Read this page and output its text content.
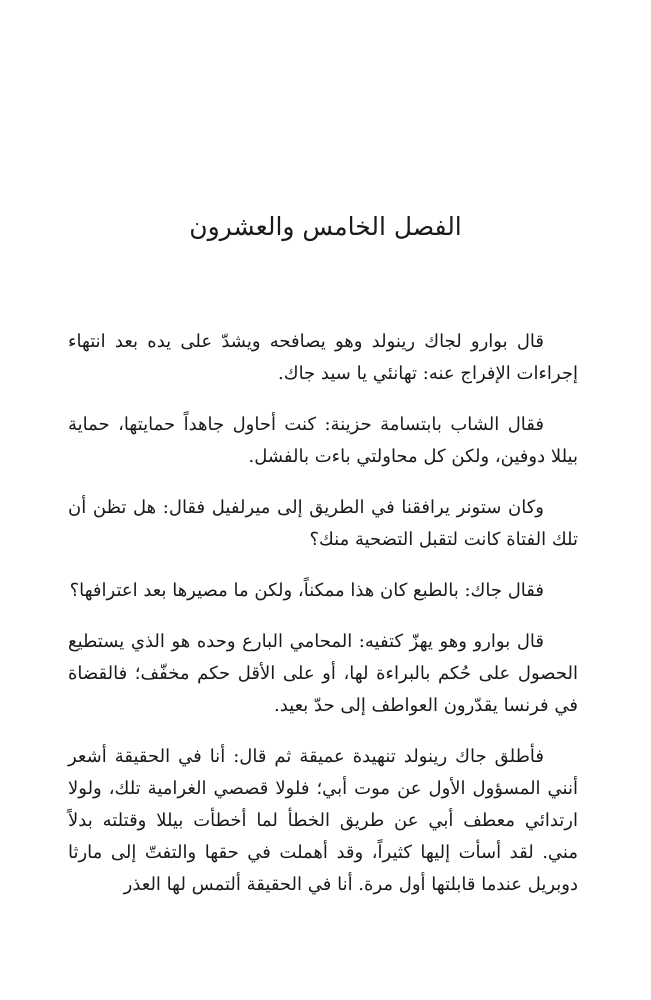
الفصل الخامس والعشرون

قال بوارو لجاك رينولد وهو يصافحه ويشدّ على يده بعد انتهاء إجراءات الإفراج عنه: تهانئي يا سيد جاك.

فقال الشاب بابتسامة حزينة: كنت أحاول جاهداً حمايتها، حماية بيللا دوفين، ولكن كل محاولتي باءت بالفشل.

وكان ستونر يرافقنا في الطريق إلى ميرلفيل فقال: هل تظن أن تلك الفتاة كانت لتقبل التضحية منك؟

فقال جاك: بالطبع كان هذا ممكناً، ولكن ما مصيرها بعد اعترافها؟

قال بوارو وهو يهزّ كتفيه: المحامي البارع وحده هو الذي يستطيع الحصول على حُكم بالبراءة لها، أو على الأقل حكم مخفّف؛ فالقضاة في فرنسا يقدّرون العواطف إلى حدّ بعيد.

فأطلق جاك رينولد تنهيدة عميقة ثم قال: أنا في الحقيقة أشعر أنني المسؤول الأول عن موت أبي؛ فلولا قصصي الغرامية تلك، ولولا ارتدائي معطف أبي عن طريق الخطأ لما أخطأت بيللا وقتلته بدلاً مني. لقد أسأت إليها كثيراً، وقد أهملت في حقها والتفتّ إلى مارثا دوبريل عندما قابلتها أول مرة. أنا في الحقيقة ألتمس لها العذر
